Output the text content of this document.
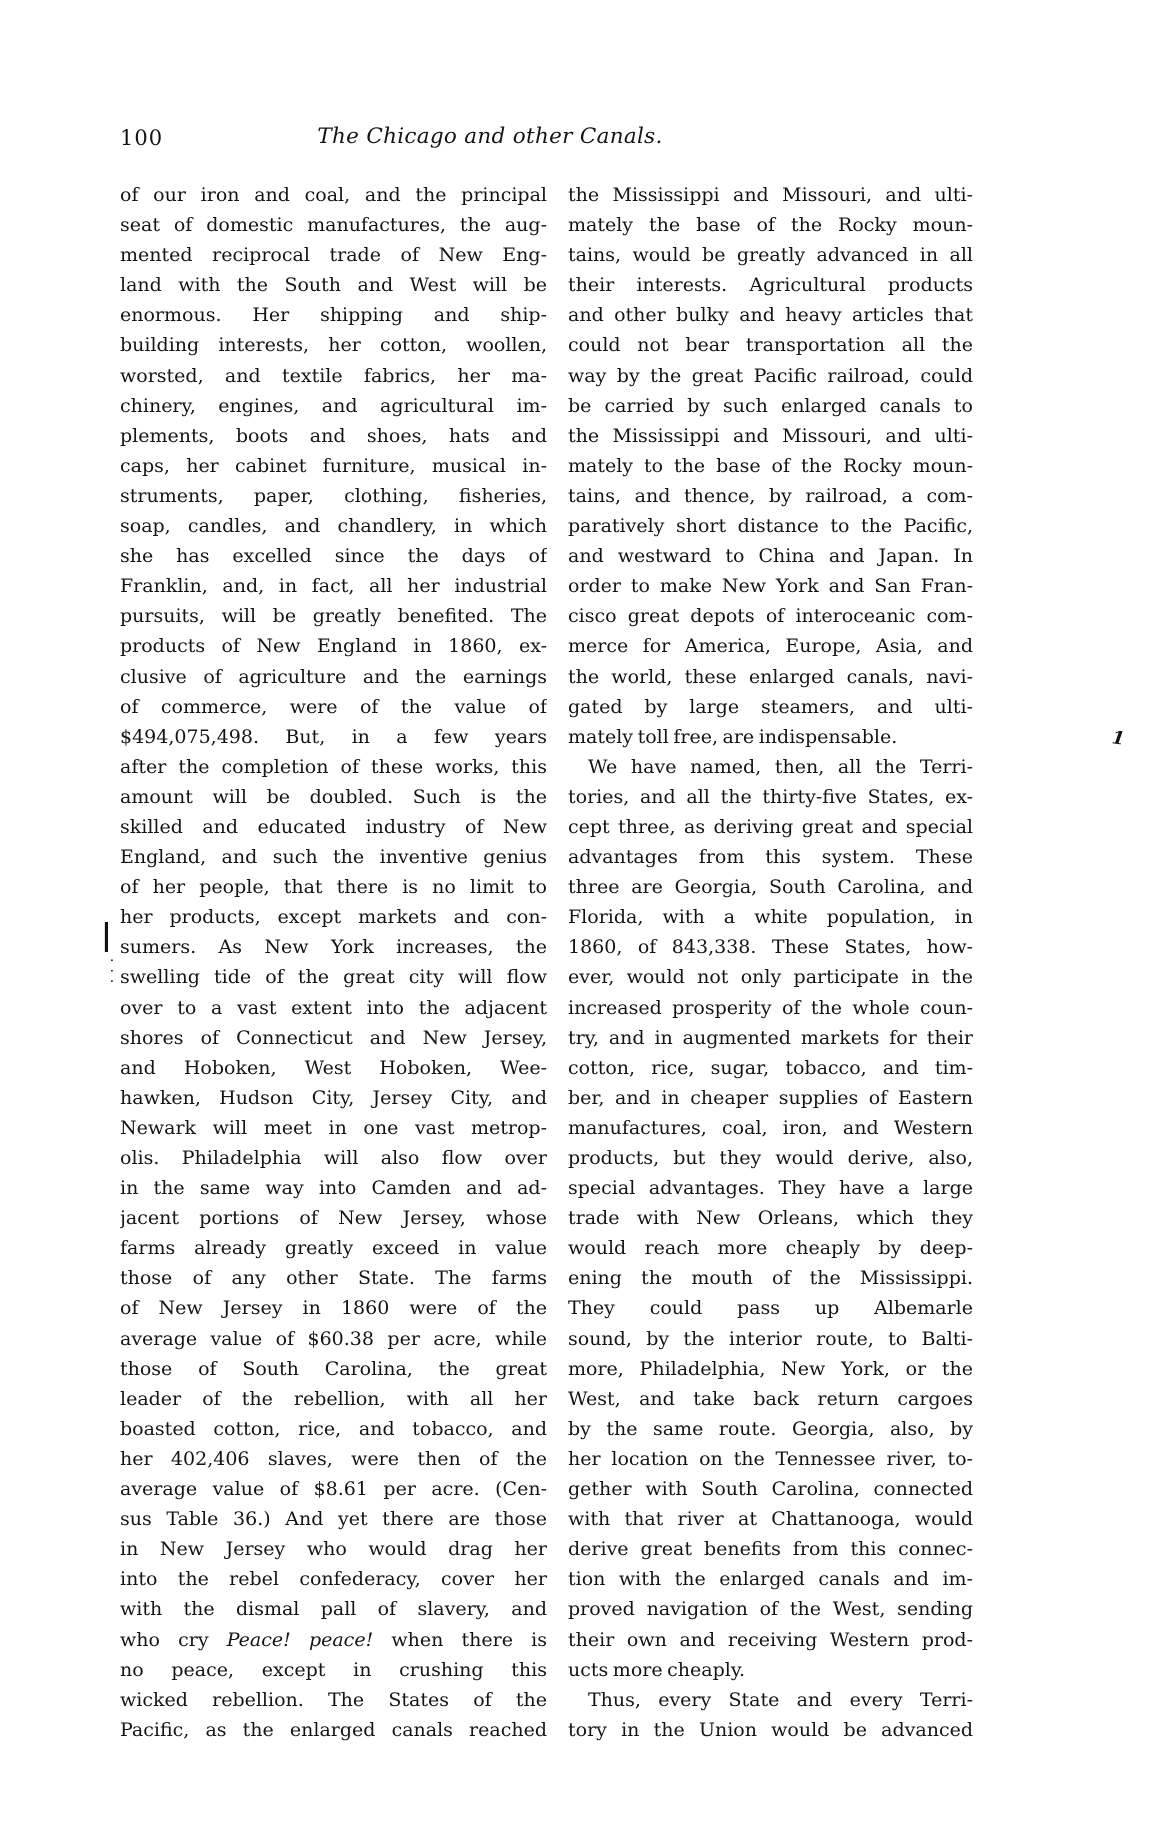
100	The Chicago and other Canals.
of our iron and coal, and the principal
seat of domestic manufactures, the aug-
mented reciprocal trade of New Eng-
land with the South and West will be
enormous. Her shipping and ship-
building interests, her cotton, woollen,
worsted, and textile fabrics, her ma-
chinery, engines, and agricultural im-
plements, boots and shoes, hats and
caps, her cabinet furniture, musical in-
struments, paper, clothing, fisheries,
soap, candles, and chandlery, in which
she has excelled since the days of
Franklin, and, in fact, all her industrial
pursuits, will be greatly benefited. The
products of New England in 1860, ex-
clusive of agriculture and the earnings
of commerce, were of the value of
$494,075,498. But, in a few years
after the completion of these works, this
amount will be doubled. Such is the
skilled and educated industry of New
England, and such the inventive genius
of her people, that there is no limit to
her products, except markets and con-
sumers. As New York increases, the
swelling tide of the great city will flow
over to a vast extent into the adjacent
shores of Connecticut and New Jersey,
and Hoboken, West Hoboken, Wee-
hawken, Hudson City, Jersey City, and
Newark will meet in one vast metrop-
olis. Philadelphia will also flow over
in the same way into Camden and ad-
jacent portions of New Jersey, whose
farms already greatly exceed in value
those of any other State. The farms
of New Jersey in 1860 were of the
average value of $60.38 per acre, while
those of South Carolina, the great
leader of the rebellion, with all her
boasted cotton, rice, and tobacco, and
her 402,406 slaves, were then of the
average value of $8.61 per acre. (Cen-
sus Table 36.) And yet there are those
in New Jersey who would drag her
into the rebel confederacy, cover her
with the dismal pall of slavery, and
who cry Peace! peace! when there is
no peace, except in crushing this
wicked rebellion. The States of the
Pacific, as the enlarged canals reached
the Mississippi and Missouri, and ulti-
mately the base of the Rocky moun-
tains, would be greatly advanced in all
their interests. Agricultural products
and other bulky and heavy articles that
could not bear transportation all the
way by the great Pacific railroad, could
be carried by such enlarged canals to
the Mississippi and Missouri, and ulti-
mately to the base of the Rocky moun-
tains, and thence, by railroad, a com-
paratively short distance to the Pacific,
and westward to China and Japan. In
order to make New York and San Fran-
cisco great depots of interoceanic com-
merce for America, Europe, Asia, and
the world, these enlarged canals, navi-
gated by large steamers, and ulti-
mately toll free, are indispensable.
We have named, then, all the Terri-
tories, and all the thirty-five States, ex-
cept three, as deriving great and special
advantages from this system. These
three are Georgia, South Carolina, and
Florida, with a white population, in
1860, of 843,338. These States, how-
ever, would not only participate in the
increased prosperity of the whole coun-
try, and in augmented markets for their
cotton, rice, sugar, tobacco, and tim-
ber, and in cheaper supplies of Eastern
manufactures, coal, iron, and Western
products, but they would derive, also,
special advantages. They have a large
trade with New Orleans, which they
would reach more cheaply by deep-
ening the mouth of the Mississippi.
They could pass up Albemarle
sound, by the interior route, to Balti-
more, Philadelphia, New York, or the
West, and take back return cargoes
by the same route. Georgia, also, by
her location on the Tennessee river, to-
gether with South Carolina, connected
with that river at Chattanooga, would
derive great benefits from this connec-
tion with the enlarged canals and im-
proved navigation of the West, sending
their own and receiving Western prod-
ucts more cheaply.
Thus, every State and every Terri-
tory in the Union would be advanced
1
|
···
